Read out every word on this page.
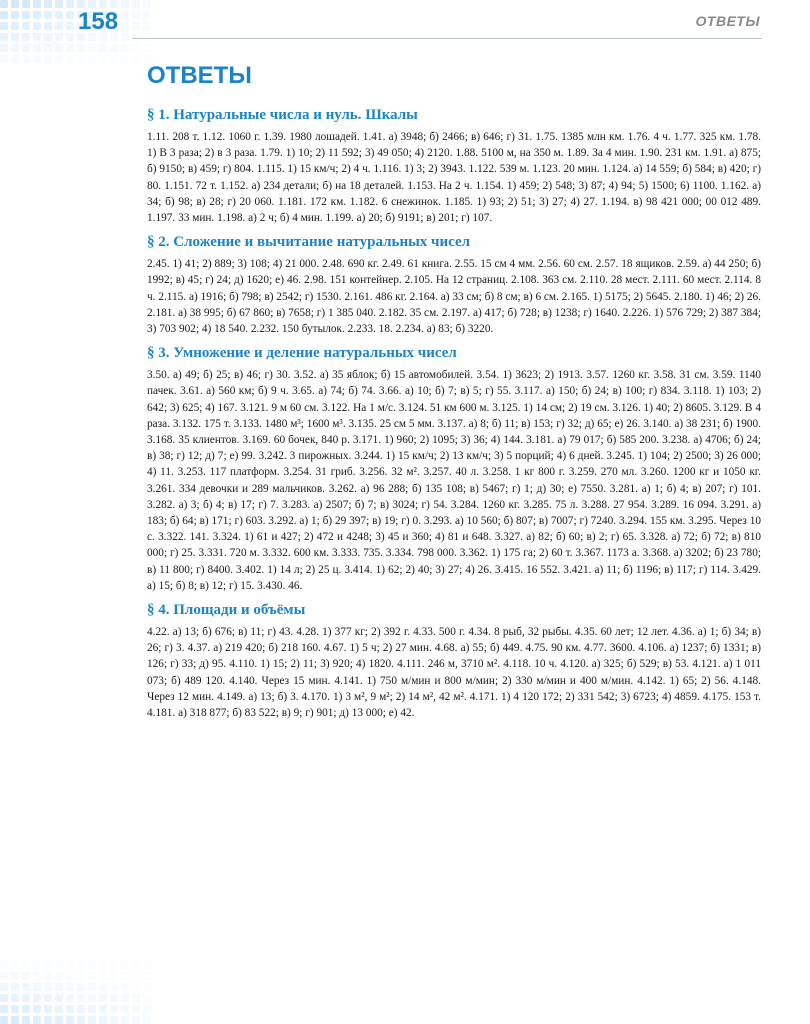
158	ОТВЕТЫ
ОТВЕТЫ
§ 1. Натуральные числа и нуль. Шкалы

1.11. 208 т. 1.12. 1060 г. 1.39. 1980 лошадей. 1.41. а) 3948; б) 2466; в) 646; г) 31. 1.75. 1385 млн км. 1.76. 4 ч. 1.77. 325 км. 1.78. 1) В 3 раза; 2) в 3 раза. 1.79. 1) 10; 2) 11 592; 3) 49 050; 4) 2120. 1.88. 5100 м, на 350 м. 1.89. За 4 мин. 1.90. 231 км. 1.91. а) 875; б) 9150; в) 459; г) 804. 1.115. 1) 15 км/ч; 2) 4 ч. 1.116. 1) 3; 2) 3943. 1.122. 539 м. 1.123. 20 мин. 1.124. а) 14 559; б) 584; в) 420; г) 80. 1.151. 72 т. 1.152. а) 234 детали; б) на 18 деталей. 1.153. На 2 ч. 1.154. 1) 459; 2) 548; 3) 87; 4) 94; 5) 1500; 6) 1100. 1.162. а) 34; б) 98; в) 28; г) 20 060. 1.181. 172 км. 1.182. 6 снежинок. 1.185. 1) 93; 2) 51; 3) 27; 4) 27. 1.194. в) 98 421 000; 00 012 489. 1.197. 33 мин. 1.198. а) 2 ч; б) 4 мин. 1.199. а) 20; б) 9191; в) 201; г) 107.

§ 2. Сложение и вычитание натуральных чисел

2.45. 1) 41; 2) 889; 3) 108; 4) 21 000. 2.48. 690 кг. 2.49. 61 книга. 2.55. 15 см 4 мм. 2.56. 60 см. 2.57. 18 ящиков. 2.59. а) 44 250; б) 1992; в) 45; г) 24; д) 1620; е) 46. 2.98. 151 контейнер. 2.105. На 12 страниц. 2.108. 363 см. 2.110. 28 мест. 2.111. 60 мест. 2.114. 8 ч. 2.115. а) 1916; б) 798; в) 2542; г) 1530. 2.161. 486 кг. 2.164. а) 33 см; б) 8 см; в) 6 см. 2.165. 1) 5175; 2) 5645. 2.180. 1) 46; 2) 26. 2.181. а) 38 995; б) 67 860; в) 7658; г) 1 385 040. 2.182. 35 см. 2.197. а) 417; б) 728; в) 1238; г) 1640. 2.226. 1) 576 729; 2) 387 384; 3) 703 902; 4) 18 540. 2.232. 150 бутылок. 2.233. 18. 2.234. а) 83; б) 3220.

§ 3. Умножение и деление натуральных чисел

3.50. а) 49; б) 25; в) 46; г) 30. 3.52. а) 35 яблок; б) 15 автомобилей. 3.54. 1) 3623; 2) 1913. 3.57. 1260 кг. 3.58. 31 см. 3.59. 1140 пачек. 3.61. а) 560 км; б) 9 ч. 3.65. а) 74; б) 74. 3.66. а) 10; б) 7; в) 5; г) 55. 3.117. а) 150; б) 24; в) 100; г) 834. 3.118. 1) 103; 2) 642; 3) 625; 4) 167. 3.121. 9 м 60 см. 3.122. На 1 м/с. 3.124. 51 км 600 м. 3.125. 1) 14 см; 2) 19 см. 3.126. 1) 40; 2) 8605. 3.129. В 4 раза. 3.132. 175 т. 3.133. 1480 м³; 1600 м³. 3.135. 25 см 5 мм. 3.137. а) 8; б) 11; в) 153; г) 32; д) 65; е) 26. 3.140. а) 38 231; б) 1900. 3.168. 35 клиентов. 3.169. 60 бочек, 840 р. 3.171. 1) 960; 2) 1095; 3) 36; 4) 144. 3.181. а) 79 017; б) 585 200. 3.238. а) 4706; б) 24; в) 38; г) 12; д) 7; е) 99. 3.242. 3 пирожных. 3.244. 1) 15 км/ч; 2) 13 км/ч; 3) 5 порций; 4) 6 дней. 3.245. 1) 104; 2) 2500; 3) 26 000; 4) 11. 3.253. 117 платформ. 3.254. 31 гриб. 3.256. 32 м². 3.257. 40 л. 3.258. 1 кг 800 г. 3.259. 270 мл. 3.260. 1200 кг и 1050 кг. 3.261. 334 девочки и 289 мальчиков. 3.262. а) 96 288; б) 135 108; в) 5467; г) 1; д) 30; е) 7550. 3.281. а) 1; б) 4; в) 207; г) 101. 3.282. а) 3; б) 4; в) 17; г) 7. 3.283. а) 2507; б) 7; в) 3024; г) 54. 3.284. 1260 кг. 3.285. 75 л. 3.288. 27 954. 3.289. 16 094. 3.291. а) 183; б) 64; в) 171; г) 603. 3.292. а) 1; б) 29 397; в) 19; г) 0. 3.293. а) 10 560; б) 807; в) 7007; г) 7240. 3.294. 155 км. 3.295. Через 10 с. 3.322. 141. 3.324. 1) 61 и 427; 2) 472 и 4248; 3) 45 и 360; 4) 81 и 648. 3.327. а) 82; б) 60; в) 2; г) 65. 3.328. а) 72; б) 72; в) 810 000; г) 25. 3.331. 720 м. 3.332. 600 км. 3.333. 735. 3.334. 798 000. 3.362. 1) 175 га; 2) 60 т. 3.367. 1173 а. 3.368. а) 3202; б) 23 780; в) 11 800; г) 8400. 3.402. 1) 14 л; 2) 25 ц. 3.414. 1) 62; 2) 40; 3) 27; 4) 26. 3.415. 16 552. 3.421. а) 11; б) 1196; в) 117; г) 114. 3.429. а) 15; б) 8; в) 12; г) 15. 3.430. 46.

§ 4. Площади и объёмы

4.22. а) 13; б) 676; в) 11; г) 43. 4.28. 1) 377 кг; 2) 392 г. 4.33. 500 г. 4.34. 8 рыб, 32 рыбы. 4.35. 60 лет; 12 лет. 4.36. а) 1; б) 34; в) 26; г) 3. 4.37. а) 219 420; б) 218 160. 4.67. 1) 5 ч; 2) 27 мин. 4.68. а) 55; б) 449. 4.75. 90 км. 4.77. 3600. 4.106. а) 1237; б) 1331; в) 126; г) 33; д) 95. 4.110. 1) 15; 2) 11; 3) 920; 4) 1820. 4.111. 246 м, 3710 м². 4.118. 10 ч. 4.120. а) 325; б) 529; в) 53. 4.121. а) 1 011 073; б) 489 120. 4.140. Через 15 мин. 4.141. 1) 750 м/мин и 800 м/мин; 2) 330 м/мин и 400 м/мин. 4.142. 1) 65; 2) 56. 4.148. Через 12 мин. 4.149. а) 13; б) 3. 4.170. 1) 3 м², 9 м²; 2) 14 м², 42 м². 4.171. 1) 4 120 172; 2) 331 542; 3) 6723; 4) 4859. 4.175. 153 т. 4.181. а) 318 877; б) 83 522; в) 9; г) 901; д) 13 000; е) 42.
